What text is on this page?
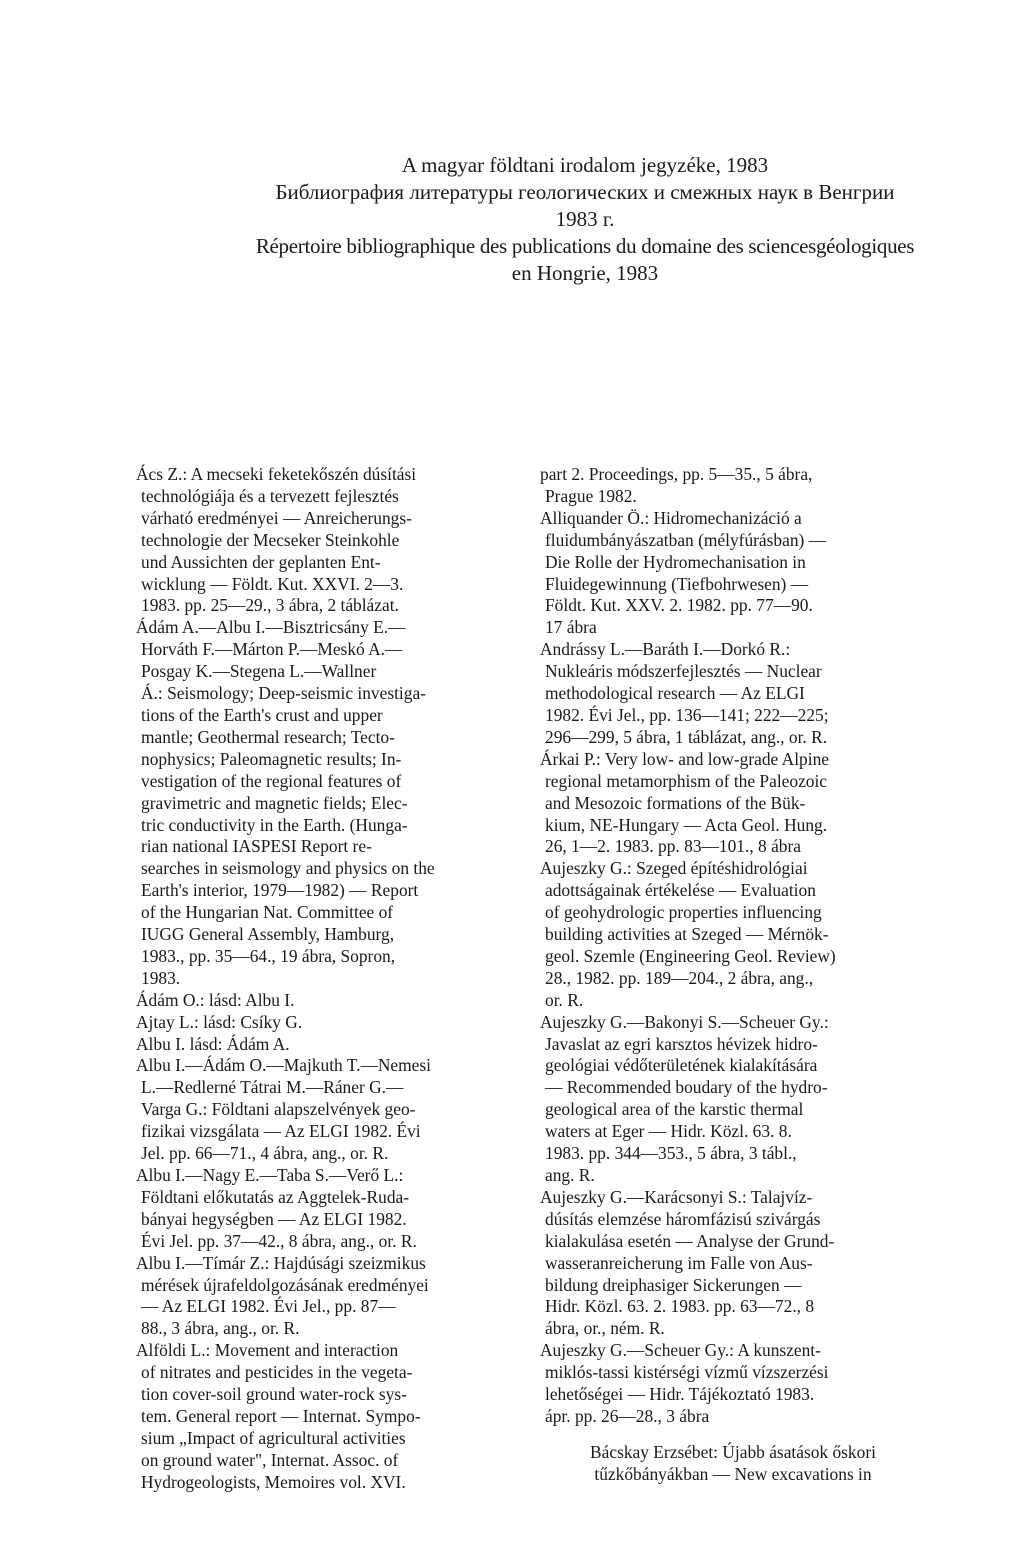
A magyar földtani irodalom jegyzéke, 1983
Библиография литературы геологических и смежных наук в Венгрии
1983 г.
Répertoire bibliographique des publications du domaine des sciencesgéologiques
en Hongrie, 1983
Ács Z.: A mecseki feketekőszén dúsítási
technológiája és a tervezett fejlesztés
várható eredményei — Anreicherungs-
technologie der Mecseker Steinkohle
und Aussichten der geplanten Ent-
wicklung — Földt. Kut. XXVI. 2—3.
1983. pp. 25—29., 3 ábra, 2 táblázat.
Ádám A.—Albu I.—Bisztricsány E.—
Horváth F.—Márton P.—Meskó A.—
Posgay K.—Stegena L.—Wallner
Á.: Seismology; Deep-seismic investiga-
tions of the Earth's crust and upper
mantle; Geothermal research; Tecto-
nophysics; Paleomagnetic results; In-
vestigation of the regional features of
gravimetric and magnetic fields; Elec-
tric conductivity in the Earth. (Hunga-
rian national IASPESI Report re-
searches in seismology and physics on the
Earth's interior, 1979—1982) — Report
of the Hungarian Nat. Committee of
IUGG General Assembly, Hamburg,
1983., pp. 35—64., 19 ábra, Sopron,
1983.
Ádám O.: lásd: Albu I.
Ajtay L.: lásd: Csíky G.
Albu I. lásd: Ádám A.
Albu I.—Ádám O.—Majkuth T.—Nemesi
L.—Redlerné Tátrai M.—Ráner G.—
Varga G.: Földtani alapszelvények geo-
fizikai vizsgálata — Az ELGI 1982. Évi
Jel. pp. 66—71., 4 ábra, ang., or. R.
Albu I.—Nagy E.—Taba S.—Verő L.:
Földtani előkutatás az Aggtelek-Ruda-
bányai hegységben — Az ELGI 1982.
Évi Jel. pp. 37—42., 8 ábra, ang., or. R.
Albu I.—Tímár Z.: Hajdúsági szeizmikus
mérések újrafeldolgozásának eredményei
— Az ELGI 1982. Évi Jel., pp. 87—
88., 3 ábra, ang., or. R.
Alföldi L.: Movement and interaction
of nitrates and pesticides in the vegeta-
tion cover-soil ground water-rock sys-
tem. General report — Internat. Sympo-
sium „Impact of agricultural activities
on ground water", Internat. Assoc. of
Hydrogeologists, Memoires vol. XVI.
part 2. Proceedings, pp. 5—35., 5 ábra,
Prague 1982.
Alliquander Ö.: Hidromechanizáció a
fluidumbányászatban (mélyfúrásban) —
Die Rolle der Hydromechanisation in
Fluidegewinnung (Tiefbohrwesen) —
Földt. Kut. XXV. 2. 1982. pp. 77—90.
17 ábra
Andrássy L.—Baráth I.—Dorkó R.:
Nukleáris módszerfejlesztés — Nuclear
methodological research — Az ELGI
1982. Évi Jel., pp. 136—141; 222—225;
296—299, 5 ábra, 1 táblázat, ang., or. R.
Árkai P.: Very low- and low-grade Alpine
regional metamorphism of the Paleozoic
and Mesozoic formations of the Bük-
kium, NE-Hungary — Acta Geol. Hung.
26, 1—2. 1983. pp. 83—101., 8 ábra
Aujeszky G.: Szeged építéshidrológiai
adottságainak értékelése — Evaluation
of geohydrologic properties influencing
building activities at Szeged — Mérnök-
geol. Szemle (Engineering Geol. Review)
28., 1982. pp. 189—204., 2 ábra, ang.,
or. R.
Aujeszky G.—Bakonyi S.—Scheuer Gy.:
Javaslat az egri karsztos hévizek hidro-
geológiai védőterületének kialakítására
— Recommended boudary of the hydro-
geological area of the karstic thermal
waters at Eger — Hidr. Közl. 63. 8.
1983. pp. 344—353., 5 ábra, 3 tábl.,
ang. R.
Aujeszky G.—Karácsonyi S.: Talajvíz-
dúsítás elemzése háromfázisú szivárgás
kialakulása esetén — Analyse der Grund-
wasseranreicherung im Falle von Aus-
bildung dreiphasiger Sickerungen —
Hidr. Közl. 63. 2. 1983. pp. 63—72., 8
ábra, or., ném. R.
Aujeszky G.—Scheuer Gy.: A kunszent-
miklós-tassi kistérségi vízmű vízszerzési
lehetőségei — Hidr. Tájékoztató 1983.
ápr. pp. 26—28., 3 ábra
Bácskay Erzsébet: Újabb ásatások őskori
tűzkőbányákban — New excavations in
